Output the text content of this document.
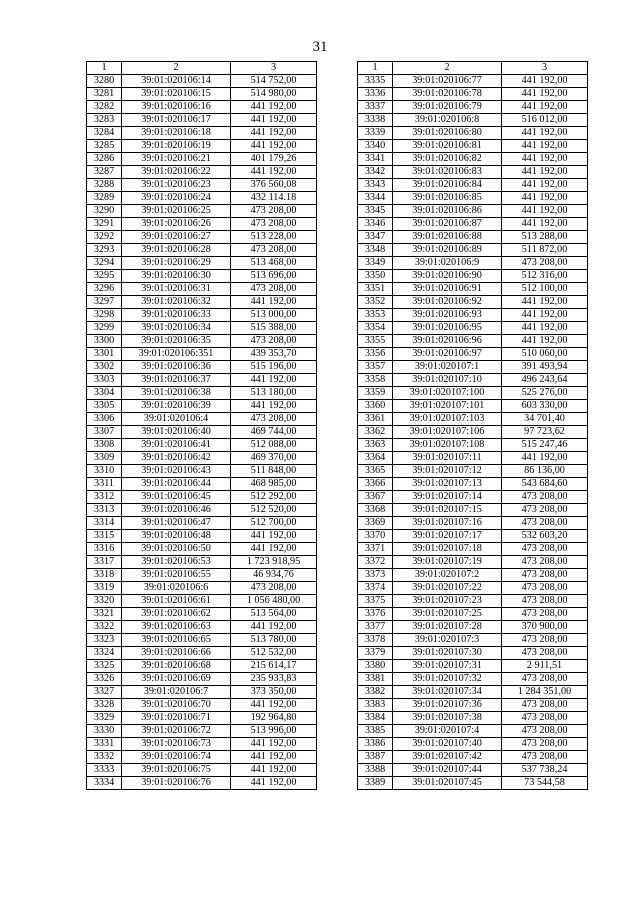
31
1	2	3
3280	39:01:020106:14	514 752,00
3281	39:01:020106:15	514 980,00
3282	39:01:020106:16	441 192,00
3283	39:01:020106:17	441 192,00
3284	39:01:020106:18	441 192,00
3285	39:01:020106:19	441 192,00
3286	39:01:020106:21	401 179,26
3287	39:01:020106:22	441 192,00
3288	39:01:020106:23	376 560,08
3289	39:01:020106:24	432 114.18
3290	39:01:020106:25	473 208,00
3291	39:01:020106:26	473 208,00
3292	39:01:020106:27	513 228,00
3293	39:01:020106:28	473 208,00
3294	39:01:020106:29	513 468,00
3295	39:01:020106:30	513 696,00
3296	39:01:020106:31	473 208,00
3297	39:01:020106:32	441 192,00
3298	39:01:020106:33	513 000,00
3299	39:01:020106:34	515 388,00
3300	39:01:020106:35	473 208,00
3301	39:01:020106:351	439 353,70
3302	39:01:020106:36	515 196,00
3303	39:01:020106:37	441 192,00
3304	39:01:020106:38	513 180,00
3305	39:01:020106:39	441 192,00
3306	39:01:020106:4	473 208,00
3307	39:01:020106:40	469 744,00
3308	39:01:020106:41	512 088,00
3309	39:01:020106:42	469 370,00
3310	39:01:020106:43	511 848,00
3311	39:01:020106:44	468 985,00
3312	39:01:020106:45	512 292,00
3313	39:01:020106:46	512 520,00
3314	39:01:020106:47	512 700,00
3315	39:01:020106:48	441 192,00
3316	39:01:020106:50	441 192,00
3317	39:01:020106:53	1 723 918,95
3318	39:01:020106:55	46 934,76
3319	39:01:020106:6	473 208,00
3320	39:01:020106:61	1 056 480,00
3321	39:01:020106:62	513 564,00
3322	39:01:020106:63	441 192,00
3323	39:01:020106:65	513 780,00
3324	39:01:020106:66	512 532,00
3325	39:01:020106:68	215 614,17
3326	39:01:020106:69	235 933,83
3327	39:01:020106:7	373 350,00
3328	39:01:020106:70	441 192,00
3329	39:01:020106:71	192 964,80
3330	39:01:020106:72	513 996,00
3331	39:01:020106:73	441 192,00
3332	39:01:020106:74	441 192,00
3333	39:01:020106:75	441 192,00
3334	39:01:020106:76	441 192,00
1	2	3
3335	39:01:020106:77	441 192,00
3336	39:01:020106:78	441 192,00
3337	39:01:020106:79	441 192,00
3338	39:01:020106:8	516 012,00
3339	39:01:020106:80	441 192,00
3340	39:01:020106:81	441 192,00
3341	39:01:020106:82	441 192,00
3342	39:01:020106:83	441 192,00
3343	39:01:020106:84	441 192,00
3344	39:01:020106:85	441 192,00
3345	39:01:020106:86	441 192,00
3346	39:01:020106:87	441 192,00
3347	39:01:020106:88	513 288,00
3348	39:01:020106:89	511 872,00
3349	39:01:020106:9	473 208,00
3350	39:01:020106:90	512 316,00
3351	39:01:020106:91	512 100,00
3352	39:01:020106:92	441 192,00
3353	39:01:020106:93	441 192,00
3354	39:01:020106:95	441 192,00
3355	39:01:020106:96	441 192,00
3356	39:01:020106:97	510 060,00
3357	39:01:020107:1	391 493,94
3358	39:01:020107:10	496 243,64
3359	39:01:020107:100	525 276,00
3360	39:01:020107:101	603 330,00
3361	39:01:020107:103	34 701,40
3362	39:01:020107:106	97 723,62
3363	39:01:020107:108	515 247,46
3364	39:01:020107:11	441 192,00
3365	39:01:020107:12	86 136,00
3366	39:01:020107:13	543 684,60
3367	39:01:020107:14	473 208,00
3368	39:01:020107:15	473 208,00
3369	39:01:020107:16	473 208,00
3370	39:01:020107:17	532 603,20
3371	39:01:020107:18	473 208,00
3372	39:01:020107:19	473 208,00
3373	39:01:020107:2	473 208,00
3374	39:01:020107:22	473 208,00
3375	39:01:020107:23	473 208,00
3376	39:01:020107:25	473 208,00
3377	39:01:020107:28	370 900,00
3378	39:01:020107:3	473 208,00
3379	39:01:020107:30	473 208,00
3380	39:01:020107:31	2 911,51
3381	39:01:020107:32	473 208,00
3382	39:01:020107:34	1 284 351,00
3383	39:01:020107:36	473 208,00
3384	39:01:020107:38	473 208,00
3385	39:01:020107:4	473 208,00
3386	39:01:020107:40	473 208,00
3387	39:01:020107:42	473 208,00
3388	39:01:020107:44	537 738,24
3389	39:01:020107:45	73 544,58
